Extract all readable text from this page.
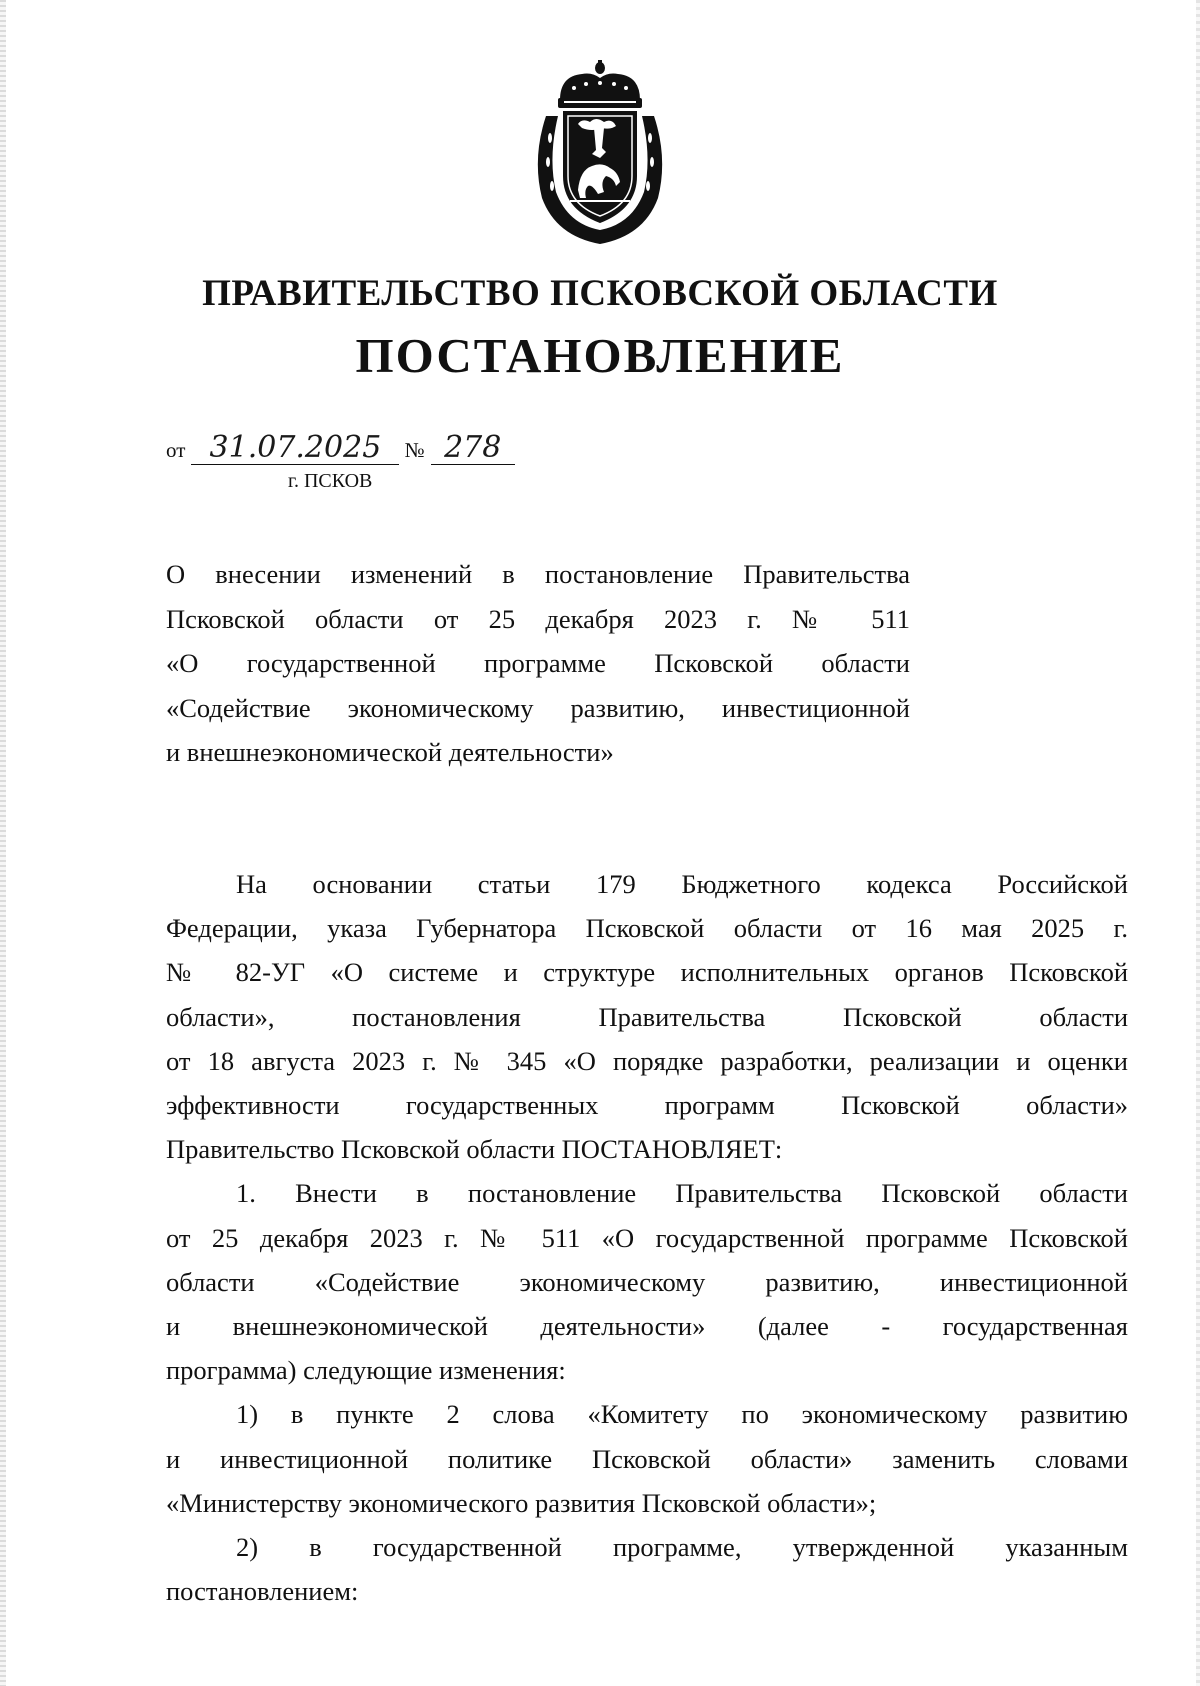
ПРАВИТЕЛЬСТВО ПСКОВСКОЙ ОБЛАСТИ
ПОСТАНОВЛЕНИЕ
от 31.07.2025 № 278
г. ПСКОВ
О внесении изменений в постановление Правительства
Псковской области от 25 декабря 2023 г. № 511
«О государственной программе Псковской области
«Содействие экономическому развитию, инвестиционной
и внешнеэкономической деятельности»
На основании статьи 179 Бюджетного кодекса Российской
Федерации, указа Губернатора Псковской области от 16 мая 2025 г.
№ 82-УГ «О системе и структуре исполнительных органов Псковской
области», постановления Правительства Псковской области
от 18 августа 2023 г. № 345 «О порядке разработки, реализации и оценки
эффективности государственных программ Псковской области»
Правительство Псковской области ПОСТАНОВЛЯЕТ:
1. Внести в постановление Правительства Псковской области
от 25 декабря 2023 г. № 511 «О государственной программе Псковской
области «Содействие экономическому развитию, инвестиционной
и внешнеэкономической деятельности» (далее - государственная
программа) следующие изменения:
1) в пункте 2 слова «Комитету по экономическому развитию
и инвестиционной политике Псковской области» заменить словами
«Министерству экономического развития Псковской области»;
2) в государственной программе, утвержденной указанным
постановлением:
